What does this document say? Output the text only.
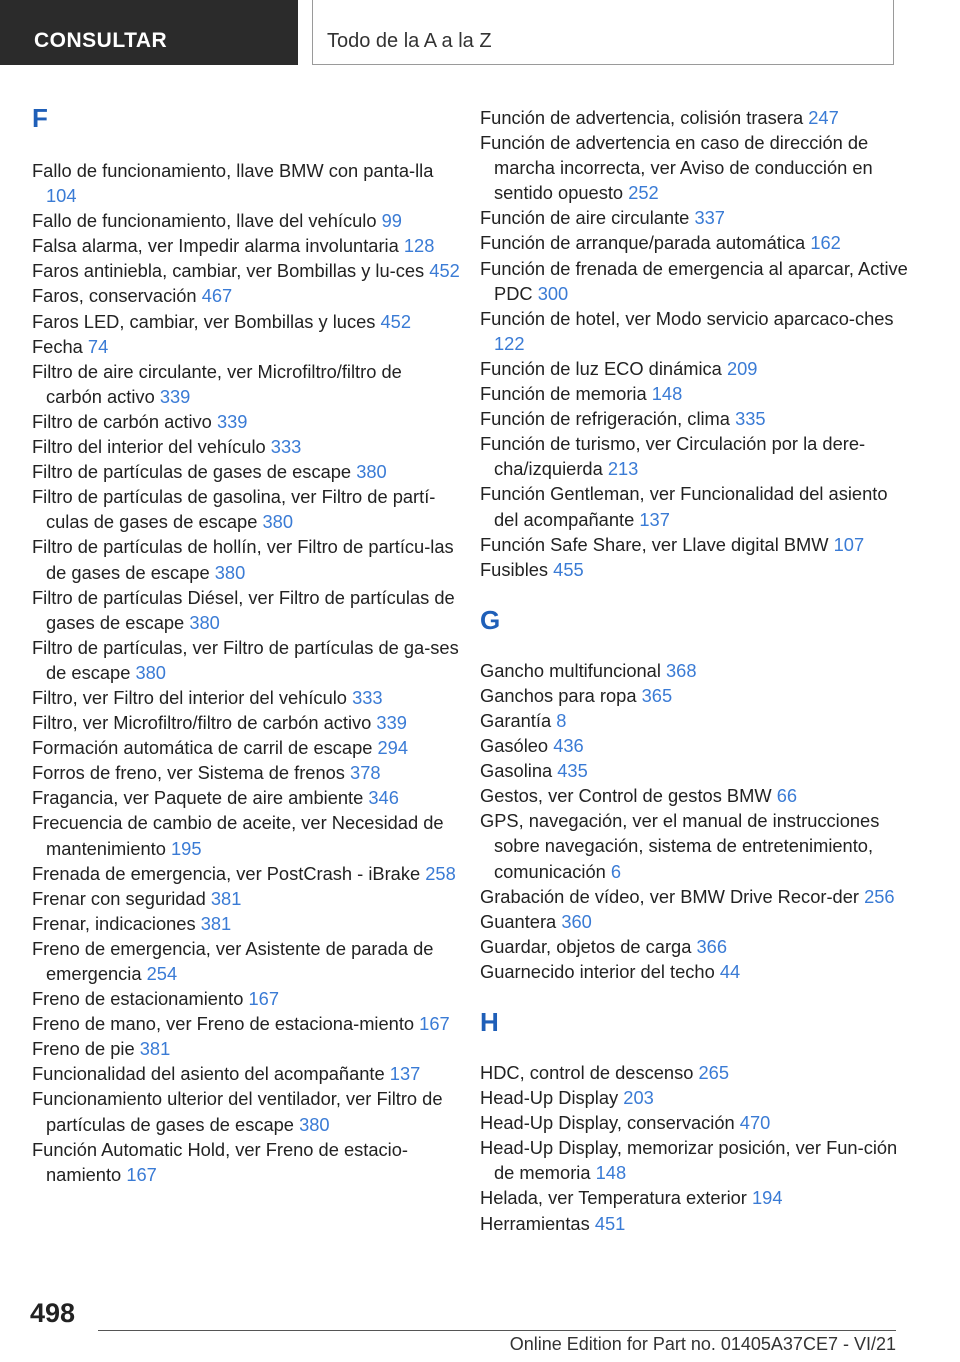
CONSULTAR	Todo de la A a la Z
F
Fallo de funcionamiento, llave BMW con panta-lla 104
Fallo de funcionamiento, llave del vehículo 99
Falsa alarma, ver Impedir alarma involuntaria 128
Faros antiniebla, cambiar, ver Bombillas y lu-ces 452
Faros, conservación 467
Faros LED, cambiar, ver Bombillas y luces 452
Fecha 74
Filtro de aire circulante, ver Microfiltro/filtro de carbón activo 339
Filtro de carbón activo 339
Filtro del interior del vehículo 333
Filtro de partículas de gases de escape 380
Filtro de partículas de gasolina, ver Filtro de partí-culas de gases de escape 380
Filtro de partículas de hollín, ver Filtro de partícu-las de gases de escape 380
Filtro de partículas Diésel, ver Filtro de partículas de gases de escape 380
Filtro de partículas, ver Filtro de partículas de ga-ses de escape 380
Filtro, ver Filtro del interior del vehículo 333
Filtro, ver Microfiltro/filtro de carbón activo 339
Formación automática de carril de escape 294
Forros de freno, ver Sistema de frenos 378
Fragancia, ver Paquete de aire ambiente 346
Frecuencia de cambio de aceite, ver Necesidad de mantenimiento 195
Frenada de emergencia, ver PostCrash - iBrake 258
Frenar con seguridad 381
Frenar, indicaciones 381
Freno de emergencia, ver Asistente de parada de emergencia 254
Freno de estacionamiento 167
Freno de mano, ver Freno de estaciona-miento 167
Freno de pie 381
Funcionalidad del asiento del acompañante 137
Funcionamiento ulterior del ventilador, ver Filtro de partículas de gases de escape 380
Función Automatic Hold, ver Freno de estacio-namiento 167
Función de advertencia, colisión trasera 247
Función de advertencia en caso de dirección de marcha incorrecta, ver Aviso de conducción en sentido opuesto 252
Función de aire circulante 337
Función de arranque/parada automática 162
Función de frenada de emergencia al aparcar, Active PDC 300
Función de hotel, ver Modo servicio aparcaco-ches 122
Función de luz ECO dinámica 209
Función de memoria 148
Función de refrigeración, clima 335
Función de turismo, ver Circulación por la dere-cha/izquierda 213
Función Gentleman, ver Funcionalidad del asiento del acompañante 137
Función Safe Share, ver Llave digital BMW 107
Fusibles 455
G
Gancho multifuncional 368
Ganchos para ropa 365
Garantía 8
Gasóleo 436
Gasolina 435
Gestos, ver Control de gestos BMW 66
GPS, navegación, ver el manual de instrucciones sobre navegación, sistema de entretenimiento, comunicación 6
Grabación de vídeo, ver BMW Drive Recor-der 256
Guantera 360
Guardar, objetos de carga 366
Guarnecido interior del techo 44
H
HDC, control de descenso 265
Head-Up Display 203
Head-Up Display, conservación 470
Head-Up Display, memorizar posición, ver Fun-ción de memoria 148
Helada, ver Temperatura exterior 194
Herramientas 451
498
Online Edition for Part no. 01405A37CE7 - VI/21
